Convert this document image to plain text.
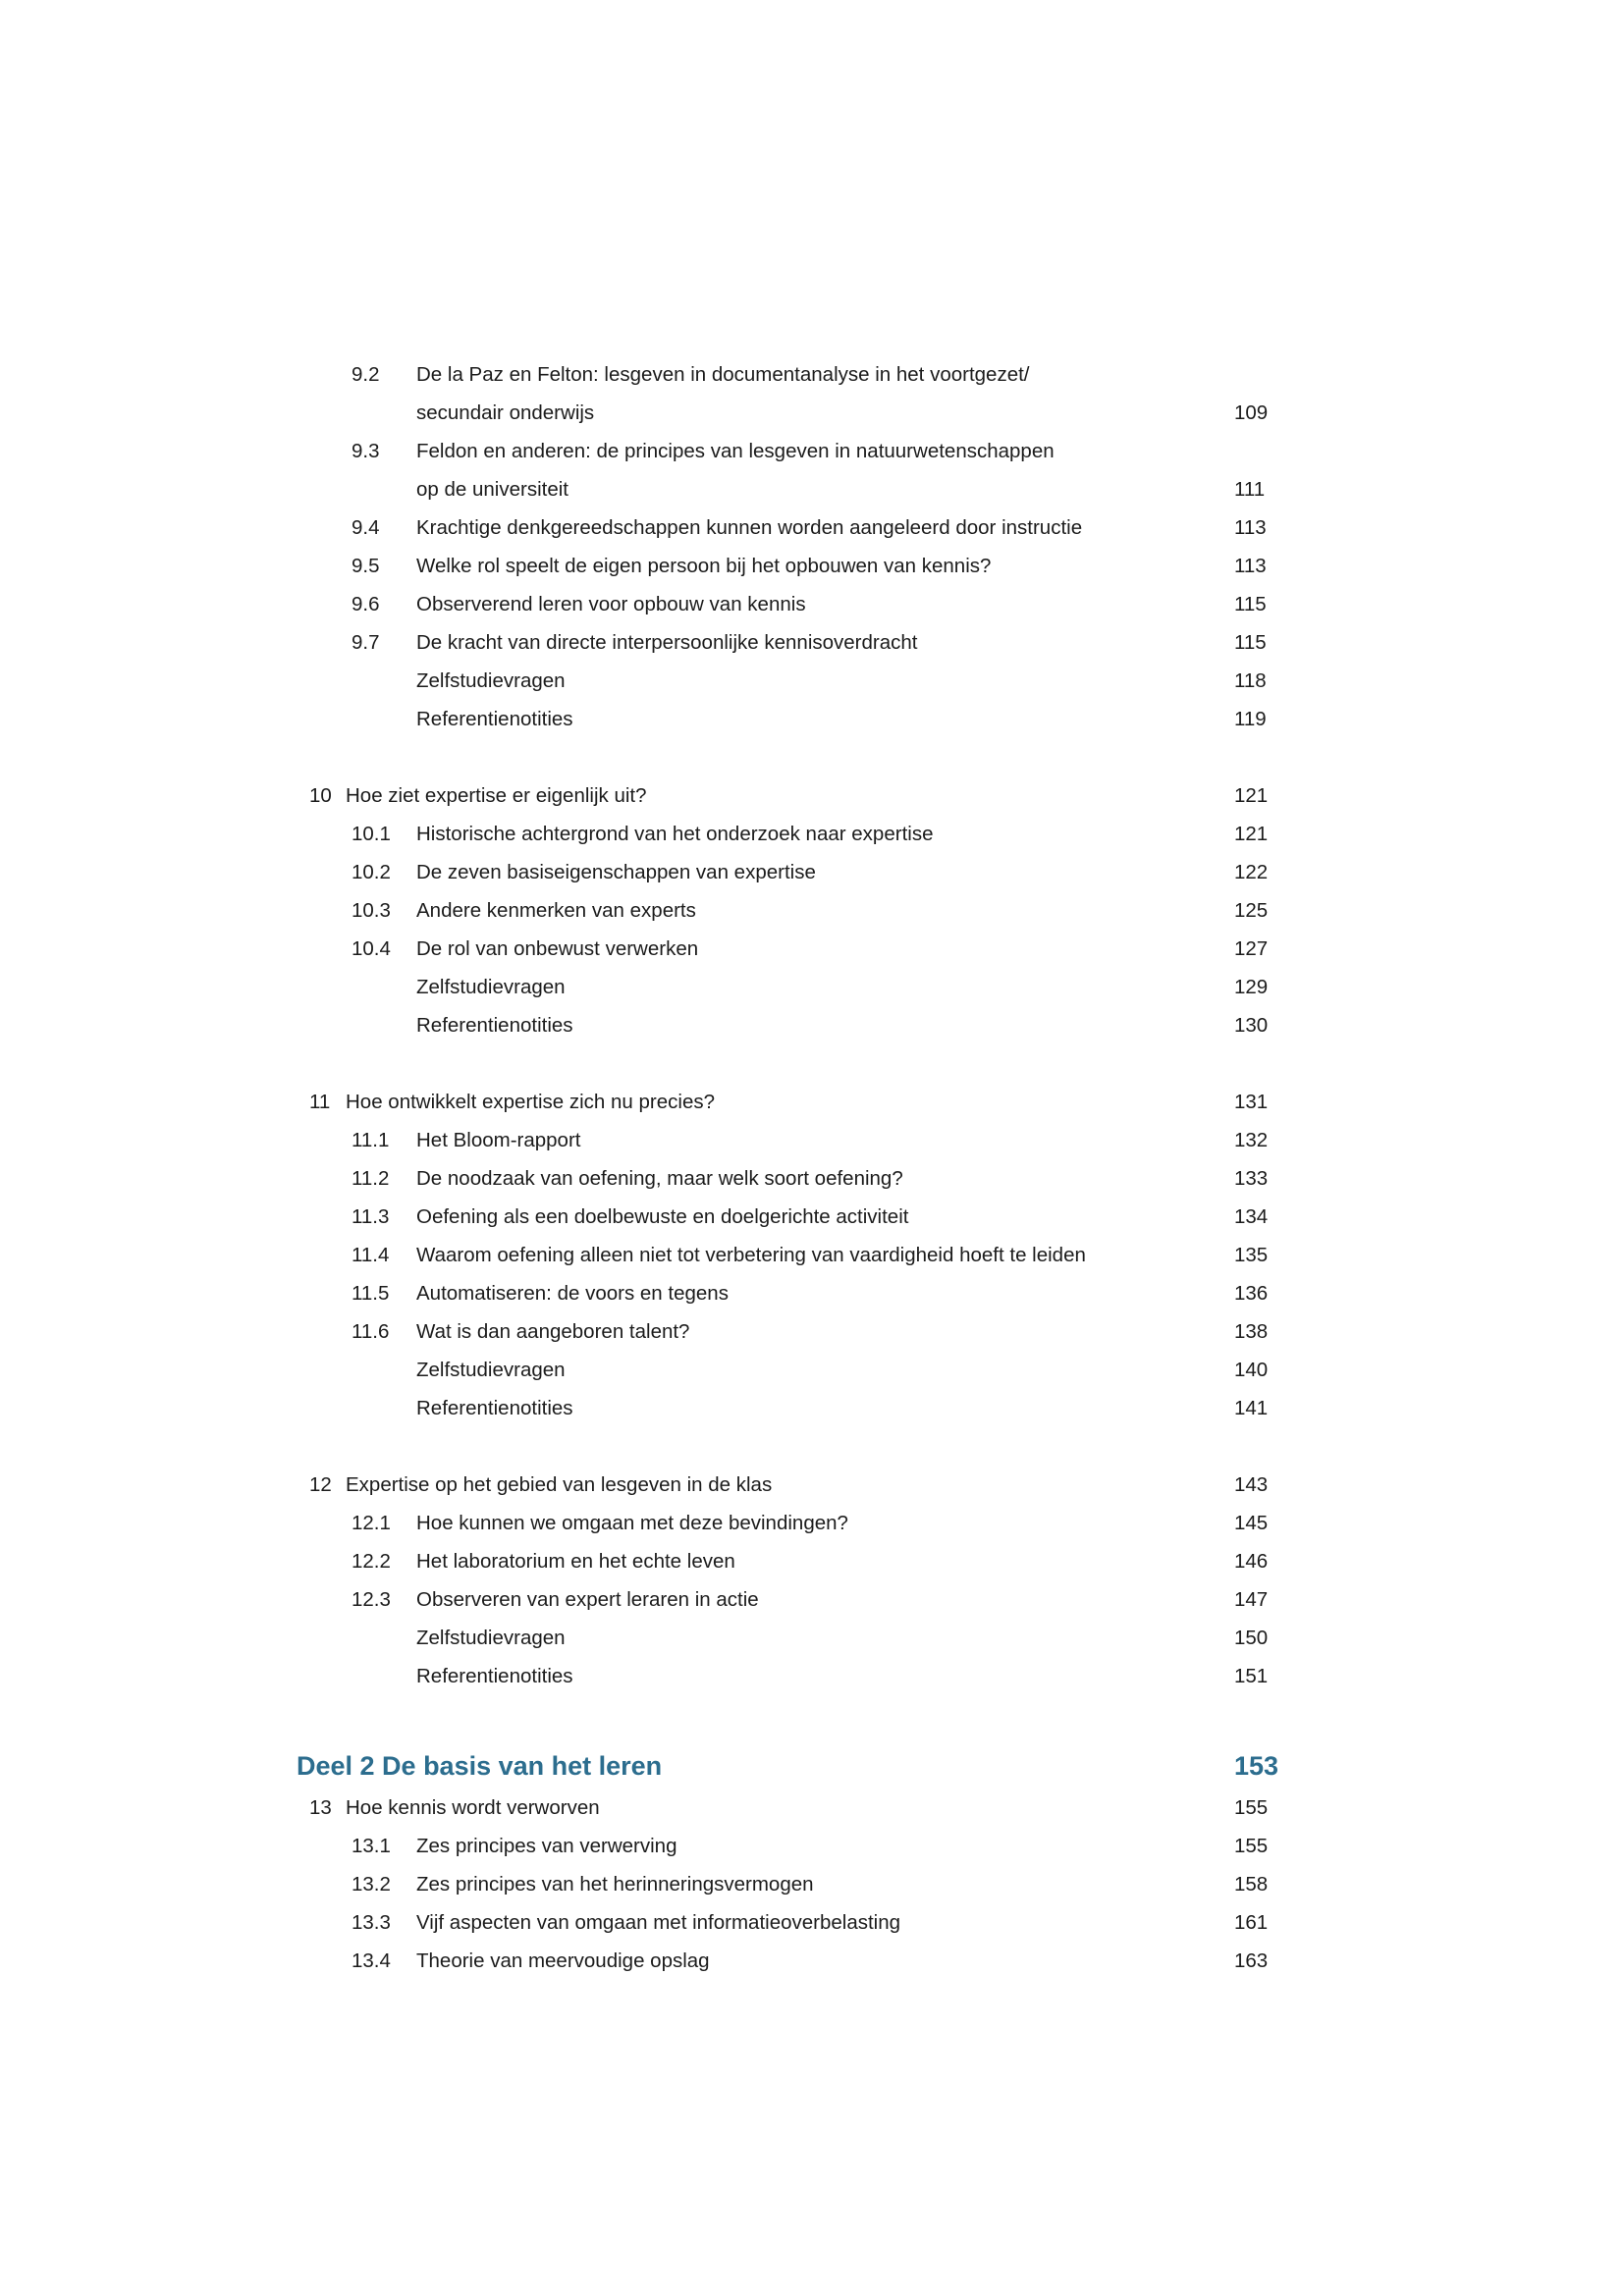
9.2	De la Paz en Felton: lesgeven in documentanalyse in het voortgezet/
secundair onderwijs	109
9.3	Feldon en anderen: de principes van lesgeven in natuurwetenschappen
op de universiteit	111
9.4	Krachtige denkgereedschappen kunnen worden aangeleerd door instructie	113
9.5	Welke rol speelt de eigen persoon bij het opbouwen van kennis?	113
9.6	Observerend leren voor opbouw van kennis	115
9.7	De kracht van directe interpersoonlijke kennisoverdracht	115
Zelfstudievragen	118
Referentienotities	119
10 Hoe ziet expertise er eigenlijk uit?	121
10.1	Historische achtergrond van het onderzoek naar expertise	121
10.2	De zeven basiseigenschappen van expertise	122
10.3	Andere kenmerken van experts	125
10.4	De rol van onbewust verwerken	127
Zelfstudievragen	129
Referentienotities	130
11 Hoe ontwikkelt expertise zich nu precies?	131
11.1	Het Bloom-rapport	132
11.2	De noodzaak van oefening, maar welk soort oefening?	133
11.3	Oefening als een doelbewuste en doelgerichte activiteit	134
11.4	Waarom oefening alleen niet tot verbetering van vaardigheid hoeft te leiden	135
11.5	Automatiseren: de voors en tegens	136
11.6	Wat is dan aangeboren talent?	138
Zelfstudievragen	140
Referentienotities	141
12 Expertise op het gebied van lesgeven in de klas	143
12.1	Hoe kunnen we omgaan met deze bevindingen?	145
12.2	Het laboratorium en het echte leven	146
12.3	Observeren van expert leraren in actie	147
Zelfstudievragen	150
Referentienotities	151
Deel 2 De basis van het leren	153
13 Hoe kennis wordt verworven	155
13.1	Zes principes van verwerving	155
13.2	Zes principes van het herinneringsvermogen	158
13.3	Vijf aspecten van omgaan met informatieoverbelasting	161
13.4	Theorie van meervoudige opslag	163
